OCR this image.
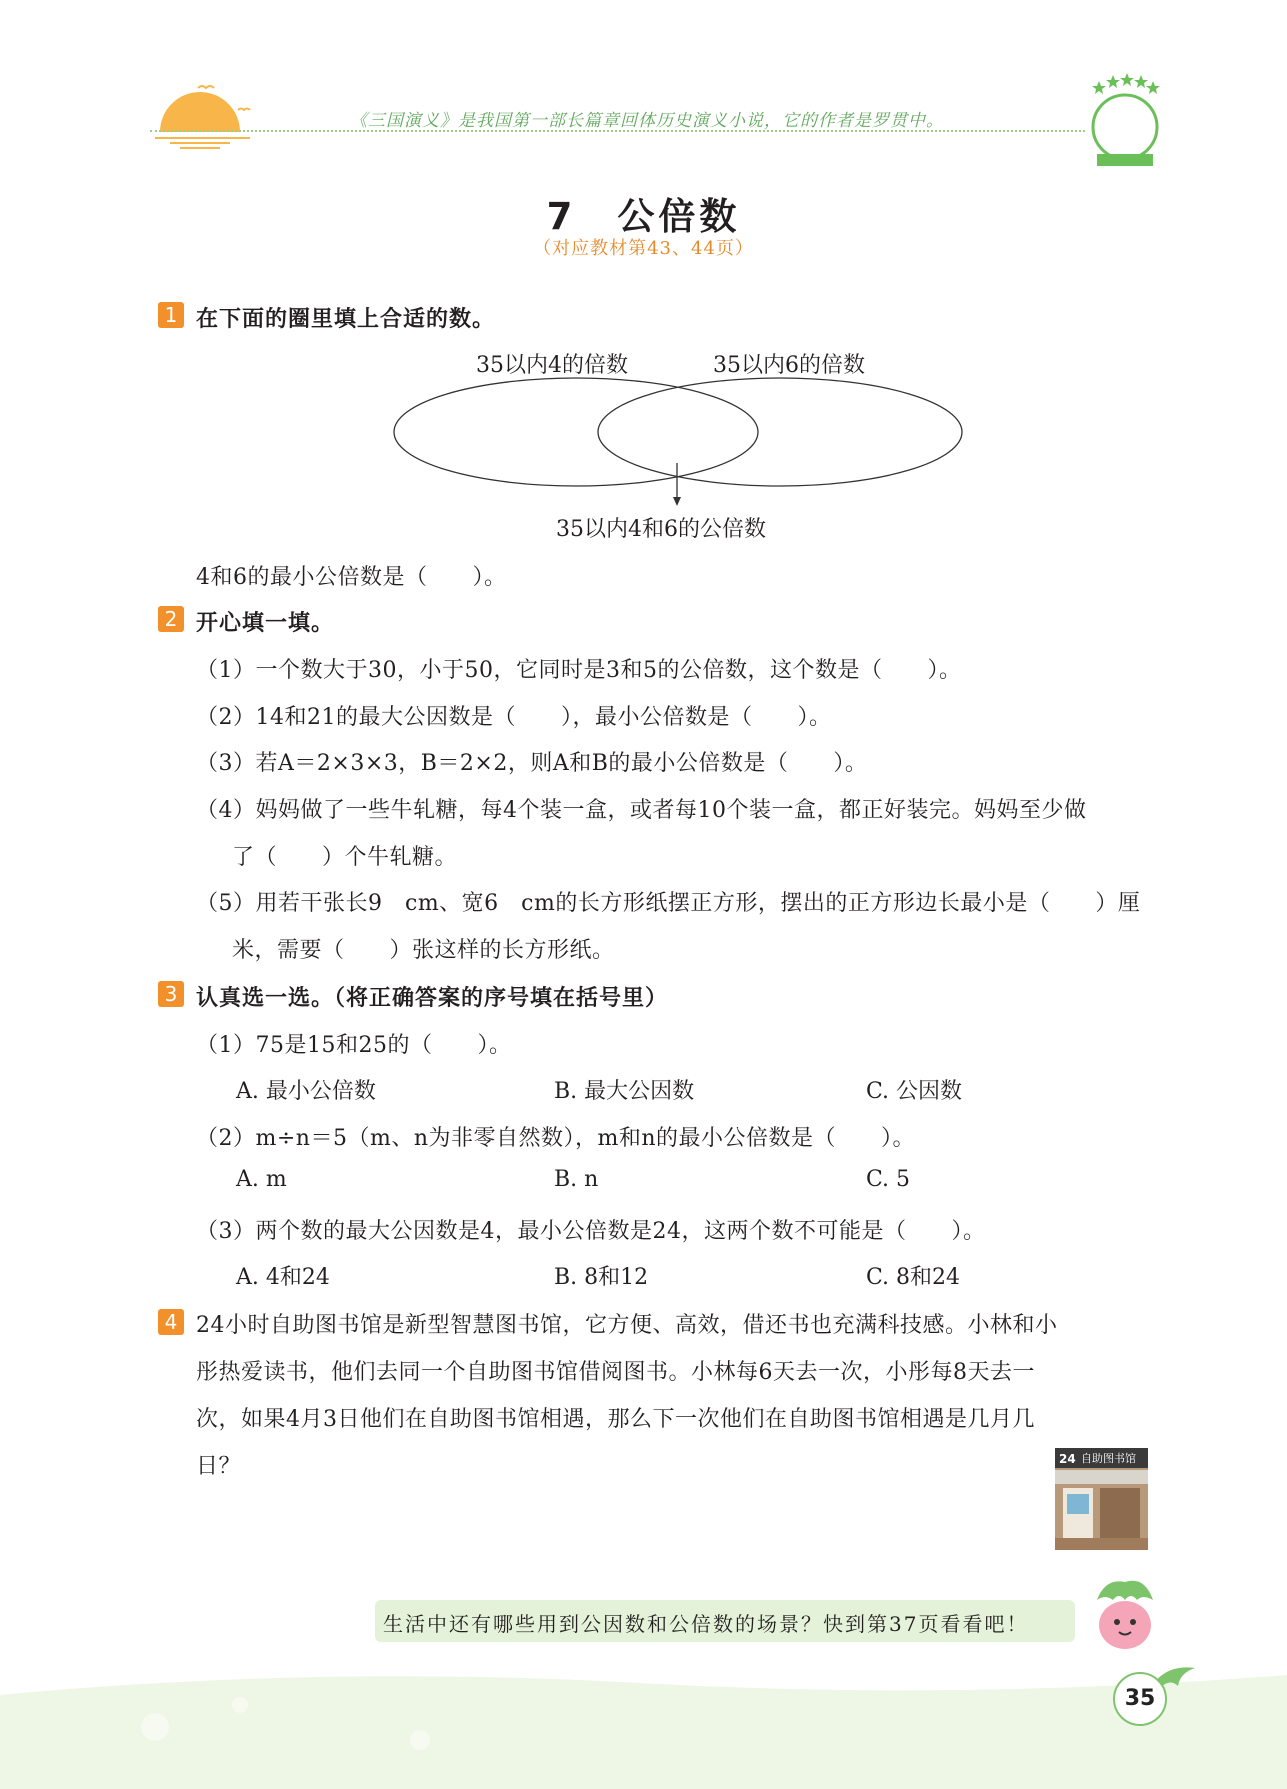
《三国演义》是我国第一部长篇章回体历史演义小说，它的作者是罗贯中。
7　公倍数
（对应教材第43、44页）
1 在下面的圈里填上合适的数。
35以内4的倍数	35以内6的倍数
35以内4和6的公倍数
4和6的最小公倍数是（　　）。
2 开心填一填。
（1）一个数大于30，小于50，它同时是3和5的公倍数，这个数是（　　）。
（2）14和21的最大公因数是（　　），最小公倍数是（　　）。
（3）若A＝2×3×3，B＝2×2，则A和B的最小公倍数是（　　）。
（4）妈妈做了一些牛轧糖，每4个装一盒，或者每10个装一盒，都正好装完。妈妈至少做
了（　　）个牛轧糖。
（5）用若干张长9　cm、宽6　cm的长方形纸摆正方形，摆出的正方形边长最小是（　　）厘
米，需要（　　）张这样的长方形纸。
3 认真选一选。（将正确答案的序号填在括号里）
（1）75是15和25的（　　）。
A. 最小公倍数	B. 最大公因数	C. 公因数
（2）m÷n＝5（m、n为非零自然数），m和n的最小公倍数是（　　）。
A. m	B. n	C. 5
（3）两个数的最大公因数是4，最小公倍数是24，这两个数不可能是（　　）。
A. 4和24	B. 8和12	C. 8和24
4 24小时自助图书馆是新型智慧图书馆，它方便、高效，借还书也充满科技感。小林和小
彤热爱读书，他们去同一个自助图书馆借阅图书。小林每6天去一次，小彤每8天去一
次，如果4月3日他们在自助图书馆相遇，那么下一次他们在自助图书馆相遇是几月几
日？	24 自助图书馆
生活中还有哪些用到公因数和公倍数的场景？快到第37页看看吧！
35
